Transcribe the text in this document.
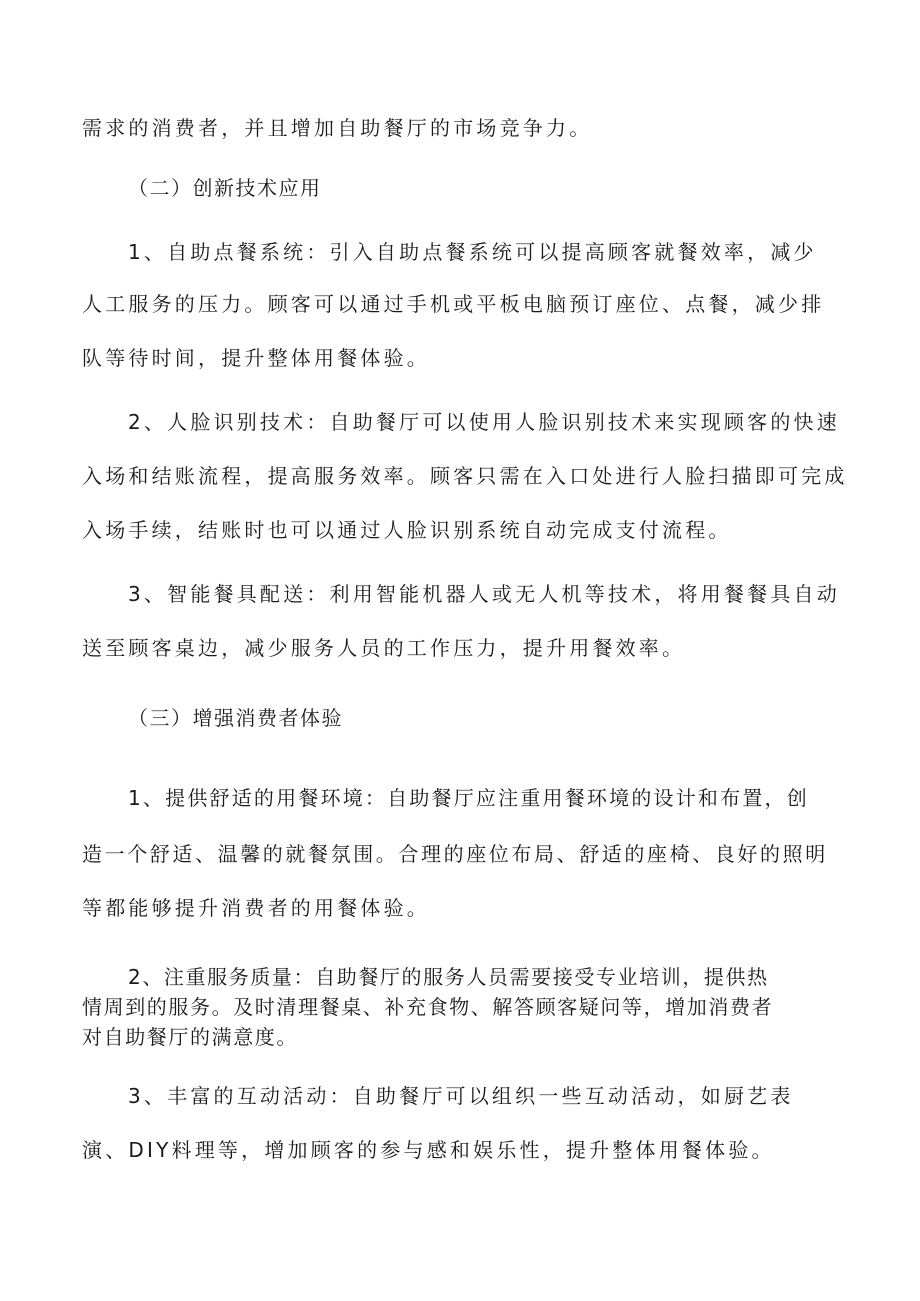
需求的消费者，并且增加自助餐厅的市场竞争力。
（二）创新技术应用
1、自助点餐系统：引入自助点餐系统可以提高顾客就餐效率，减少
人工服务的压力。顾客可以通过手机或平板电脑预订座位、点餐，减少排
队等待时间，提升整体用餐体验。
2、人脸识别技术：自助餐厅可以使用人脸识别技术来实现顾客的快速
入场和结账流程，提高服务效率。顾客只需在入口处进行人脸扫描即可完成
入场手续，结账时也可以通过人脸识别系统自动完成支付流程。
3、智能餐具配送：利用智能机器人或无人机等技术，将用餐餐具自动
送至顾客桌边，减少服务人员的工作压力，提升用餐效率。
（三）增强消费者体验
1、提供舒适的用餐环境：自助餐厅应注重用餐环境的设计和布置，创
造一个舒适、温馨的就餐氛围。合理的座位布局、舒适的座椅、良好的照明
等都能够提升消费者的用餐体验。
2、注重服务质量：自助餐厅的服务人员需要接受专业培训，提供热
情周到的服务。及时清理餐桌、补充食物、解答顾客疑问等，增加消费者
对自助餐厅的满意度。
3、丰富的互动活动：自助餐厅可以组织一些互动活动，如厨艺表
演、DIY料理等，增加顾客的参与感和娱乐性，提升整体用餐体验。
